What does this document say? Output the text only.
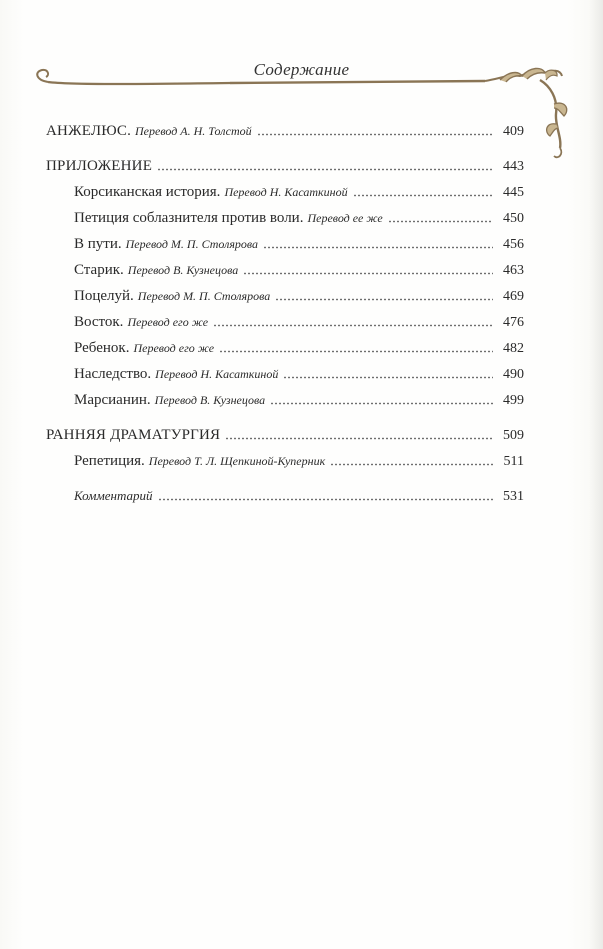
Содержание
АНЖЕЛЮС. Перевод А. Н. Толстой	409
ПРИЛОЖЕНИЕ	443
Корсиканская история. Перевод Н. Касаткиной	445
Петиция соблазнителя против воли. Перевод ее же	450
В пути. Перевод М. П. Столярова	456
Старик. Перевод В. Кузнецова	463
Поцелуй. Перевод М. П. Столярова	469
Восток. Перевод его же	476
Ребенок. Перевод его же	482
Наследство. Перевод Н. Касаткиной	490
Марсианин. Перевод В. Кузнецова	499
РАННЯЯ ДРАМАТУРГИЯ	509
Репетиция. Перевод Т. Л. Щепкиной-Куперник	511
Комментарий	531
